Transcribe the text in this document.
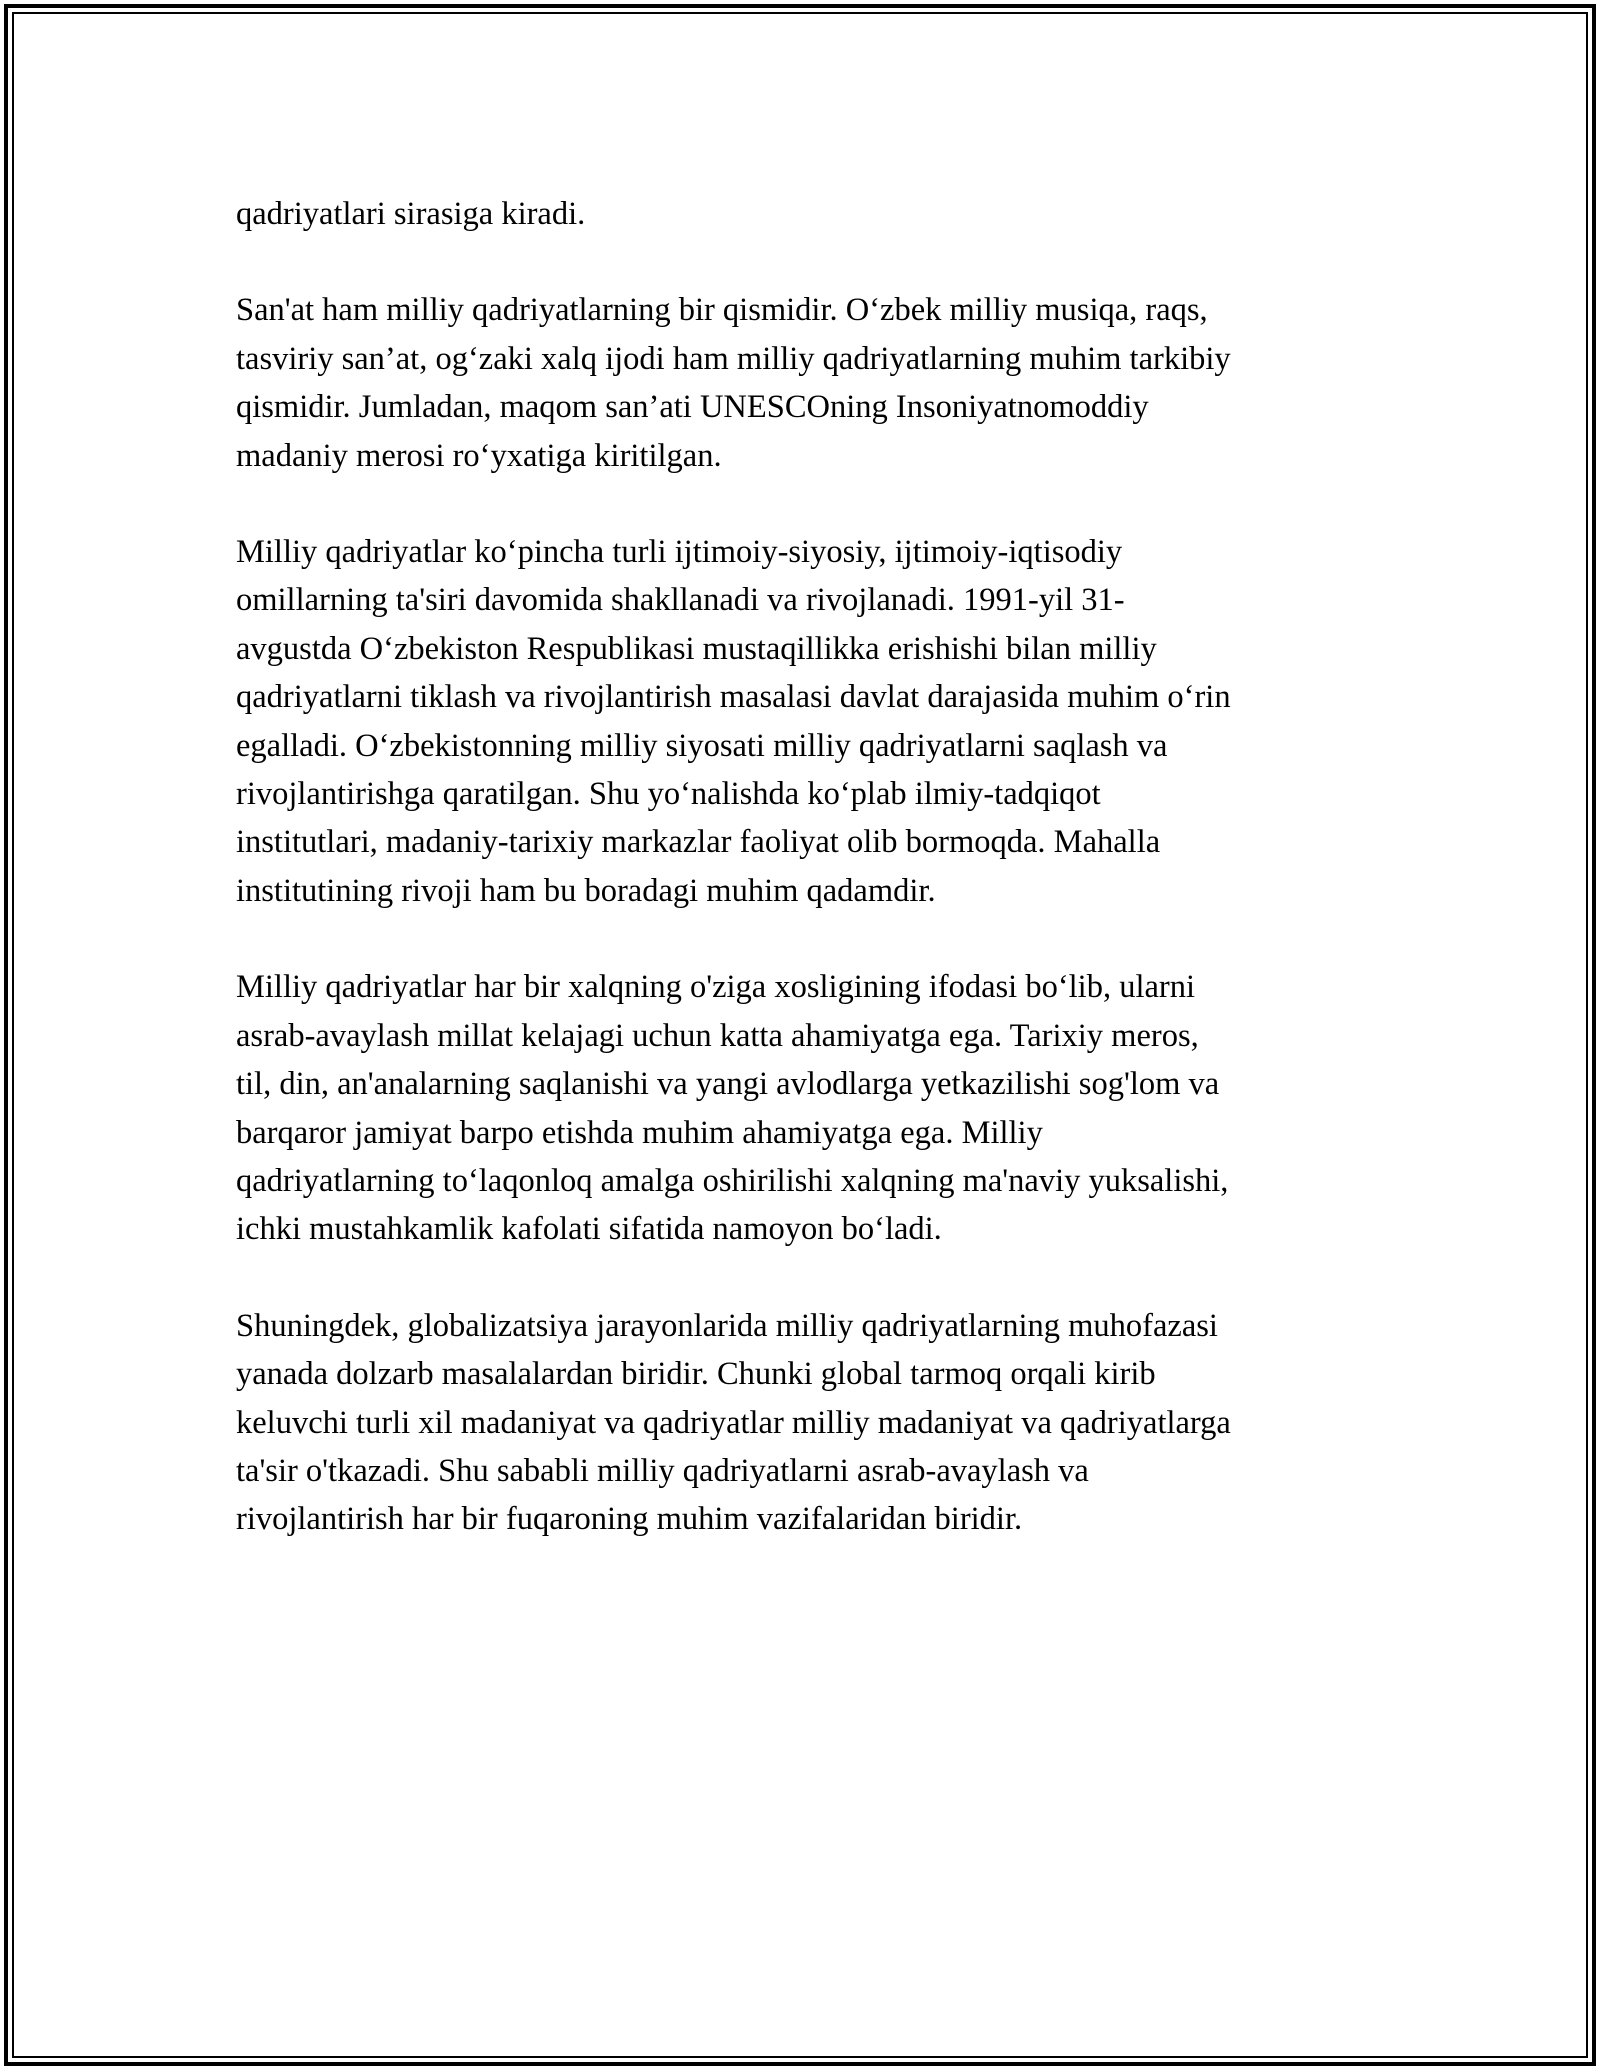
qadriyatlari sirasiga kiradi.

San'at ham milliy qadriyatlarning bir qismidir. O‘zbek milliy musiqa, raqs,
tasviriy san’at, og‘zaki xalq ijodi ham milliy qadriyatlarning muhim tarkibiy
qismidir. Jumladan, maqom san’ati UNESCOning Insoniyatnomoddiy
madaniy merosi ro‘yxatiga kiritilgan.

Milliy qadriyatlar ko‘pincha turli ijtimoiy-siyosiy, ijtimoiy-iqtisodiy
omillarning ta'siri davomida shakllanadi va rivojlanadi. 1991-yil 31-
avgustda O‘zbekiston Respublikasi mustaqillikka erishishi bilan milliy
qadriyatlarni tiklash va rivojlantirish masalasi davlat darajasida muhim o‘rin
egalladi. O‘zbekistonning milliy siyosati milliy qadriyatlarni saqlash va
rivojlantirishga qaratilgan. Shu yo‘nalishda ko‘plab ilmiy-tadqiqot
institutlari, madaniy-tarixiy markazlar faoliyat olib bormoqda. Mahalla
institutining rivoji ham bu boradagi muhim qadamdir.

Milliy qadriyatlar har bir xalqning o'ziga xosligining ifodasi bo‘lib, ularni
asrab-avaylash millat kelajagi uchun katta ahamiyatga ega. Tarixiy meros,
til, din, an'analarning saqlanishi va yangi avlodlarga yetkazilishi sog'lom va
barqaror jamiyat barpo etishda muhim ahamiyatga ega. Milliy
qadriyatlarning to‘laqonloq amalga oshirilishi xalqning ma'naviy yuksalishi,
ichki mustahkamlik kafolati sifatida namoyon bo‘ladi.

Shuningdek, globalizatsiya jarayonlarida milliy qadriyatlarning muhofazasi
yanada dolzarb masalalardan biridir. Chunki global tarmoq orqali kirib
keluvchi turli xil madaniyat va qadriyatlar milliy madaniyat va qadriyatlarga
ta'sir o'tkazadi. Shu sababli milliy qadriyatlarni asrab-avaylash va
rivojlantirish har bir fuqaroning muhim vazifalaridan biridir.
